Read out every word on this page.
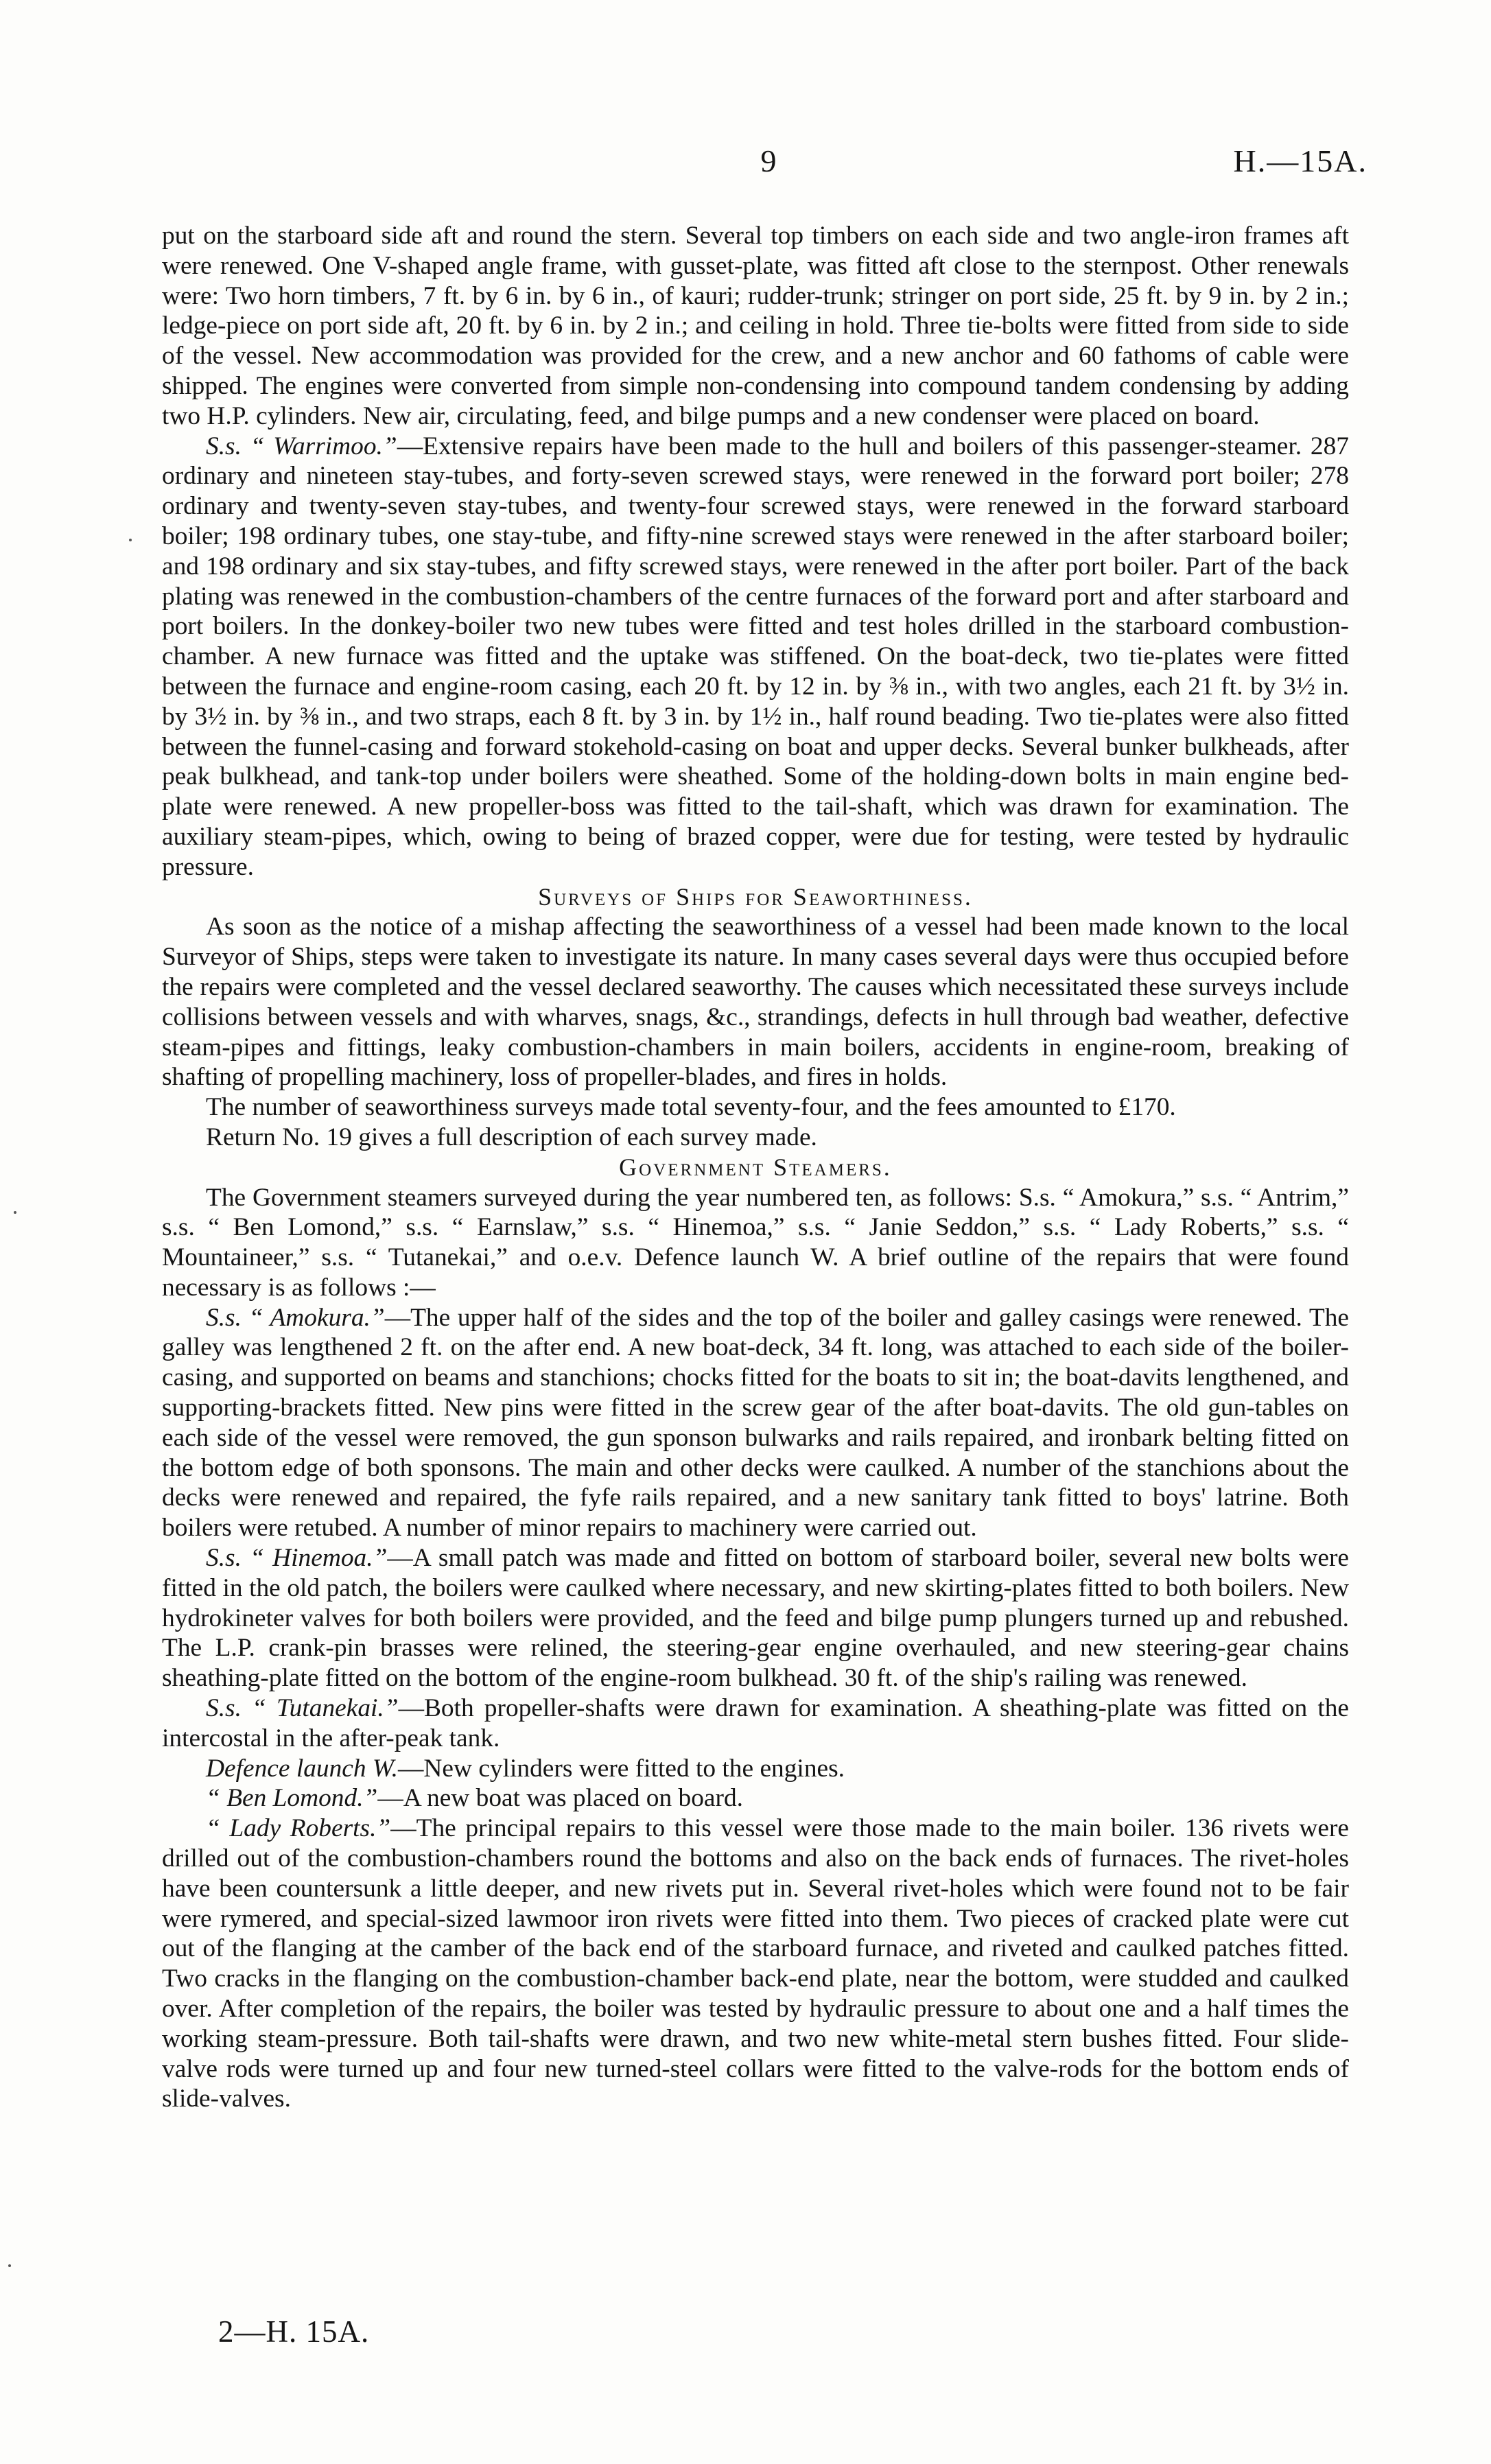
9	H.—15A.

put on the starboard side aft and round the stern. Several top timbers on each side and two angle-iron frames aft were renewed. One V-shaped angle frame, with gusset-plate, was fitted aft close to the sternpost. Other renewals were: Two horn timbers, 7 ft. by 6 in. by 6 in., of kauri; rudder-trunk; stringer on port side, 25 ft. by 9 in. by 2 in.; ledge-piece on port side aft, 20 ft. by 6 in. by 2 in.; and ceiling in hold. Three tie-bolts were fitted from side to side of the vessel. New accommodation was provided for the crew, and a new anchor and 60 fathoms of cable were shipped. The engines were converted from simple non-condensing into compound tandem condensing by adding two H.P. cylinders. New air, circulating, feed, and bilge pumps and a new condenser were placed on board.

S.s. “ Warrimoo.”—Extensive repairs have been made to the hull and boilers of this passenger-steamer. 287 ordinary and nineteen stay-tubes, and forty-seven screwed stays, were renewed in the forward port boiler; 278 ordinary and twenty-seven stay-tubes, and twenty-four screwed stays, were renewed in the forward starboard boiler; 198 ordinary tubes, one stay-tube, and fifty-nine screwed stays were renewed in the after starboard boiler; and 198 ordinary and six stay-tubes, and fifty screwed stays, were renewed in the after port boiler. Part of the back plating was renewed in the combustion-chambers of the centre furnaces of the forward port and after starboard and port boilers. In the donkey-boiler two new tubes were fitted and test holes drilled in the starboard combustion-chamber. A new furnace was fitted and the uptake was stiffened. On the boat-deck, two tie-plates were fitted between the furnace and engine-room casing, each 20 ft. by 12 in. by ⅜ in., with two angles, each 21 ft. by 3½ in. by 3½ in. by ⅜ in., and two straps, each 8 ft. by 3 in. by 1½ in., half round beading. Two tie-plates were also fitted between the funnel-casing and forward stokehold-casing on boat and upper decks. Several bunker bulkheads, after peak bulkhead, and tank-top under boilers were sheathed. Some of the holding-down bolts in main engine bed-plate were renewed. A new propeller-boss was fitted to the tail-shaft, which was drawn for examination. The auxiliary steam-pipes, which, owing to being of brazed copper, were due for testing, were tested by hydraulic pressure.

Surveys of Ships for Seaworthiness.

As soon as the notice of a mishap affecting the seaworthiness of a vessel had been made known to the local Surveyor of Ships, steps were taken to investigate its nature. In many cases several days were thus occupied before the repairs were completed and the vessel declared seaworthy. The causes which necessitated these surveys include collisions between vessels and with wharves, snags, &c., strandings, defects in hull through bad weather, defective steam-pipes and fittings, leaky combustion-chambers in main boilers, accidents in engine-room, breaking of shafting of propelling machinery, loss of propeller-blades, and fires in holds.

The number of seaworthiness surveys made total seventy-four, and the fees amounted to £170.

Return No. 19 gives a full description of each survey made.

Government Steamers.

The Government steamers surveyed during the year numbered ten, as follows: S.s. “ Amokura,” s.s. “ Antrim,” s.s. “ Ben Lomond,” s.s. “ Earnslaw,” s.s. “ Hinemoa,” s.s. “ Janie Seddon,” s.s. “ Lady Roberts,” s.s. “ Mountaineer,” s.s. “ Tutanekai,” and o.e.v. Defence launch W. A brief outline of the repairs that were found necessary is as follows :—

S.s. “ Amokura.”—The upper half of the sides and the top of the boiler and galley casings were renewed. The galley was lengthened 2 ft. on the after end. A new boat-deck, 34 ft. long, was attached to each side of the boiler-casing, and supported on beams and stanchions; chocks fitted for the boats to sit in; the boat-davits lengthened, and supporting-brackets fitted. New pins were fitted in the screw gear of the after boat-davits. The old gun-tables on each side of the vessel were removed, the gun sponson bulwarks and rails repaired, and ironbark belting fitted on the bottom edge of both sponsons. The main and other decks were caulked. A number of the stanchions about the decks were renewed and repaired, the fyfe rails repaired, and a new sanitary tank fitted to boys' latrine. Both boilers were retubed. A number of minor repairs to machinery were carried out.

S.s. “ Hinemoa.”—A small patch was made and fitted on bottom of starboard boiler, several new bolts were fitted in the old patch, the boilers were caulked where necessary, and new skirting-plates fitted to both boilers. New hydrokineter valves for both boilers were provided, and the feed and bilge pump plungers turned up and rebushed. The L.P. crank-pin brasses were relined, the steering-gear engine overhauled, and new steering-gear chains sheathing-plate fitted on the bottom of the engine-room bulkhead. 30 ft. of the ship's railing was renewed.

S.s. “ Tutanekai.”—Both propeller-shafts were drawn for examination. A sheathing-plate was fitted on the intercostal in the after-peak tank.

Defence launch W.—New cylinders were fitted to the engines.

“ Ben Lomond.”—A new boat was placed on board.

“ Lady Roberts.”—The principal repairs to this vessel were those made to the main boiler. 136 rivets were drilled out of the combustion-chambers round the bottoms and also on the back ends of furnaces. The rivet-holes have been countersunk a little deeper, and new rivets put in. Several rivet-holes which were found not to be fair were rymered, and special-sized lawmoor iron rivets were fitted into them. Two pieces of cracked plate were cut out of the flanging at the camber of the back end of the starboard furnace, and riveted and caulked patches fitted. Two cracks in the flanging on the combustion-chamber back-end plate, near the bottom, were studded and caulked over. After completion of the repairs, the boiler was tested by hydraulic pressure to about one and a half times the working steam-pressure. Both tail-shafts were drawn, and two new white-metal stern bushes fitted. Four slide-valve rods were turned up and four new turned-steel collars were fitted to the valve-rods for the bottom ends of slide-valves.

2—H. 15A.
